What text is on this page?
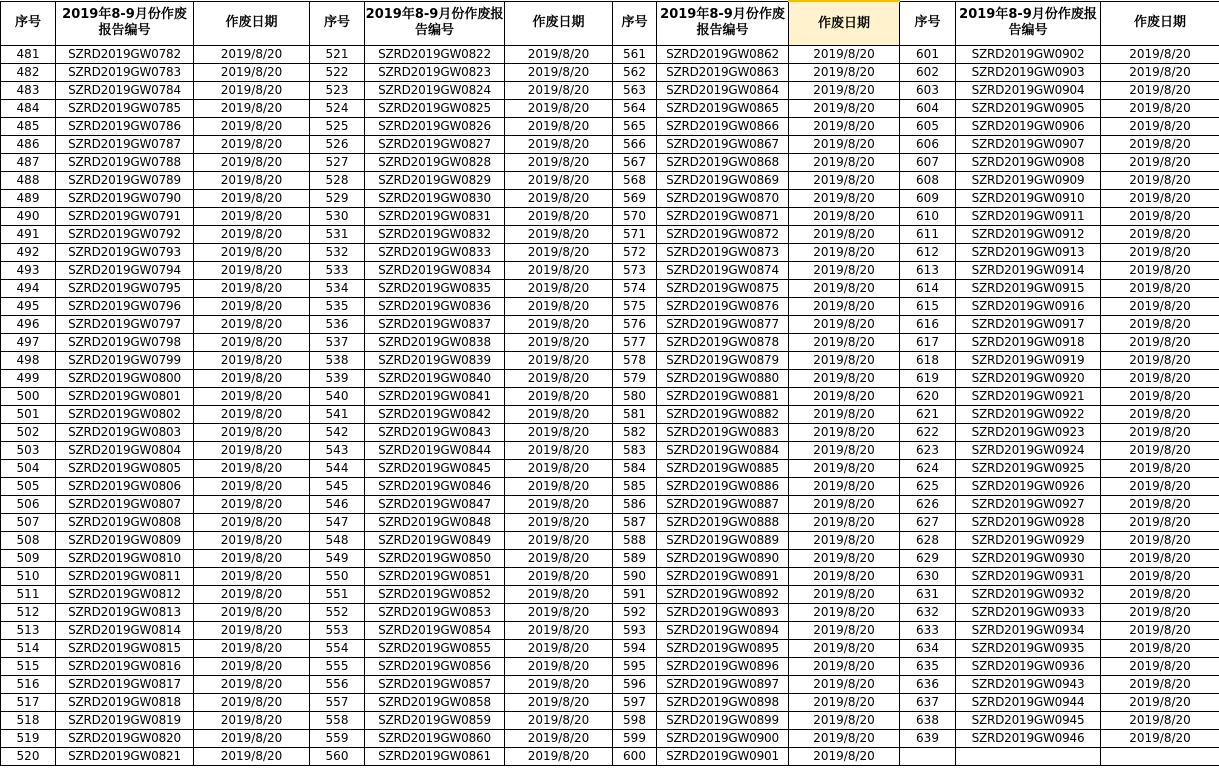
序号	2019年8-9月份作废报告编号	作废日期	序号	2019年8-9月份作废报告编号	作废日期	序号	2019年8-9月份作废报告编号	作废日期	序号	2019年8-9月份作废报告编号	作废日期
481	SZRD2019GW0782	2019/8/20	521	SZRD2019GW0822	2019/8/20	561	SZRD2019GW0862	2019/8/20	601	SZRD2019GW0902	2019/8/20
482	SZRD2019GW0783	2019/8/20	522	SZRD2019GW0823	2019/8/20	562	SZRD2019GW0863	2019/8/20	602	SZRD2019GW0903	2019/8/20
483	SZRD2019GW0784	2019/8/20	523	SZRD2019GW0824	2019/8/20	563	SZRD2019GW0864	2019/8/20	603	SZRD2019GW0904	2019/8/20
484	SZRD2019GW0785	2019/8/20	524	SZRD2019GW0825	2019/8/20	564	SZRD2019GW0865	2019/8/20	604	SZRD2019GW0905	2019/8/20
485	SZRD2019GW0786	2019/8/20	525	SZRD2019GW0826	2019/8/20	565	SZRD2019GW0866	2019/8/20	605	SZRD2019GW0906	2019/8/20
486	SZRD2019GW0787	2019/8/20	526	SZRD2019GW0827	2019/8/20	566	SZRD2019GW0867	2019/8/20	606	SZRD2019GW0907	2019/8/20
487	SZRD2019GW0788	2019/8/20	527	SZRD2019GW0828	2019/8/20	567	SZRD2019GW0868	2019/8/20	607	SZRD2019GW0908	2019/8/20
488	SZRD2019GW0789	2019/8/20	528	SZRD2019GW0829	2019/8/20	568	SZRD2019GW0869	2019/8/20	608	SZRD2019GW0909	2019/8/20
489	SZRD2019GW0790	2019/8/20	529	SZRD2019GW0830	2019/8/20	569	SZRD2019GW0870	2019/8/20	609	SZRD2019GW0910	2019/8/20
490	SZRD2019GW0791	2019/8/20	530	SZRD2019GW0831	2019/8/20	570	SZRD2019GW0871	2019/8/20	610	SZRD2019GW0911	2019/8/20
491	SZRD2019GW0792	2019/8/20	531	SZRD2019GW0832	2019/8/20	571	SZRD2019GW0872	2019/8/20	611	SZRD2019GW0912	2019/8/20
492	SZRD2019GW0793	2019/8/20	532	SZRD2019GW0833	2019/8/20	572	SZRD2019GW0873	2019/8/20	612	SZRD2019GW0913	2019/8/20
493	SZRD2019GW0794	2019/8/20	533	SZRD2019GW0834	2019/8/20	573	SZRD2019GW0874	2019/8/20	613	SZRD2019GW0914	2019/8/20
494	SZRD2019GW0795	2019/8/20	534	SZRD2019GW0835	2019/8/20	574	SZRD2019GW0875	2019/8/20	614	SZRD2019GW0915	2019/8/20
495	SZRD2019GW0796	2019/8/20	535	SZRD2019GW0836	2019/8/20	575	SZRD2019GW0876	2019/8/20	615	SZRD2019GW0916	2019/8/20
496	SZRD2019GW0797	2019/8/20	536	SZRD2019GW0837	2019/8/20	576	SZRD2019GW0877	2019/8/20	616	SZRD2019GW0917	2019/8/20
497	SZRD2019GW0798	2019/8/20	537	SZRD2019GW0838	2019/8/20	577	SZRD2019GW0878	2019/8/20	617	SZRD2019GW0918	2019/8/20
498	SZRD2019GW0799	2019/8/20	538	SZRD2019GW0839	2019/8/20	578	SZRD2019GW0879	2019/8/20	618	SZRD2019GW0919	2019/8/20
499	SZRD2019GW0800	2019/8/20	539	SZRD2019GW0840	2019/8/20	579	SZRD2019GW0880	2019/8/20	619	SZRD2019GW0920	2019/8/20
500	SZRD2019GW0801	2019/8/20	540	SZRD2019GW0841	2019/8/20	580	SZRD2019GW0881	2019/8/20	620	SZRD2019GW0921	2019/8/20
501	SZRD2019GW0802	2019/8/20	541	SZRD2019GW0842	2019/8/20	581	SZRD2019GW0882	2019/8/20	621	SZRD2019GW0922	2019/8/20
502	SZRD2019GW0803	2019/8/20	542	SZRD2019GW0843	2019/8/20	582	SZRD2019GW0883	2019/8/20	622	SZRD2019GW0923	2019/8/20
503	SZRD2019GW0804	2019/8/20	543	SZRD2019GW0844	2019/8/20	583	SZRD2019GW0884	2019/8/20	623	SZRD2019GW0924	2019/8/20
504	SZRD2019GW0805	2019/8/20	544	SZRD2019GW0845	2019/8/20	584	SZRD2019GW0885	2019/8/20	624	SZRD2019GW0925	2019/8/20
505	SZRD2019GW0806	2019/8/20	545	SZRD2019GW0846	2019/8/20	585	SZRD2019GW0886	2019/8/20	625	SZRD2019GW0926	2019/8/20
506	SZRD2019GW0807	2019/8/20	546	SZRD2019GW0847	2019/8/20	586	SZRD2019GW0887	2019/8/20	626	SZRD2019GW0927	2019/8/20
507	SZRD2019GW0808	2019/8/20	547	SZRD2019GW0848	2019/8/20	587	SZRD2019GW0888	2019/8/20	627	SZRD2019GW0928	2019/8/20
508	SZRD2019GW0809	2019/8/20	548	SZRD2019GW0849	2019/8/20	588	SZRD2019GW0889	2019/8/20	628	SZRD2019GW0929	2019/8/20
509	SZRD2019GW0810	2019/8/20	549	SZRD2019GW0850	2019/8/20	589	SZRD2019GW0890	2019/8/20	629	SZRD2019GW0930	2019/8/20
510	SZRD2019GW0811	2019/8/20	550	SZRD2019GW0851	2019/8/20	590	SZRD2019GW0891	2019/8/20	630	SZRD2019GW0931	2019/8/20
511	SZRD2019GW0812	2019/8/20	551	SZRD2019GW0852	2019/8/20	591	SZRD2019GW0892	2019/8/20	631	SZRD2019GW0932	2019/8/20
512	SZRD2019GW0813	2019/8/20	552	SZRD2019GW0853	2019/8/20	592	SZRD2019GW0893	2019/8/20	632	SZRD2019GW0933	2019/8/20
513	SZRD2019GW0814	2019/8/20	553	SZRD2019GW0854	2019/8/20	593	SZRD2019GW0894	2019/8/20	633	SZRD2019GW0934	2019/8/20
514	SZRD2019GW0815	2019/8/20	554	SZRD2019GW0855	2019/8/20	594	SZRD2019GW0895	2019/8/20	634	SZRD2019GW0935	2019/8/20
515	SZRD2019GW0816	2019/8/20	555	SZRD2019GW0856	2019/8/20	595	SZRD2019GW0896	2019/8/20	635	SZRD2019GW0936	2019/8/20
516	SZRD2019GW0817	2019/8/20	556	SZRD2019GW0857	2019/8/20	596	SZRD2019GW0897	2019/8/20	636	SZRD2019GW0943	2019/8/20
517	SZRD2019GW0818	2019/8/20	557	SZRD2019GW0858	2019/8/20	597	SZRD2019GW0898	2019/8/20	637	SZRD2019GW0944	2019/8/20
518	SZRD2019GW0819	2019/8/20	558	SZRD2019GW0859	2019/8/20	598	SZRD2019GW0899	2019/8/20	638	SZRD2019GW0945	2019/8/20
519	SZRD2019GW0820	2019/8/20	559	SZRD2019GW0860	2019/8/20	599	SZRD2019GW0900	2019/8/20	639	SZRD2019GW0946	2019/8/20
520	SZRD2019GW0821	2019/8/20	560	SZRD2019GW0861	2019/8/20	600	SZRD2019GW0901	2019/8/20			
